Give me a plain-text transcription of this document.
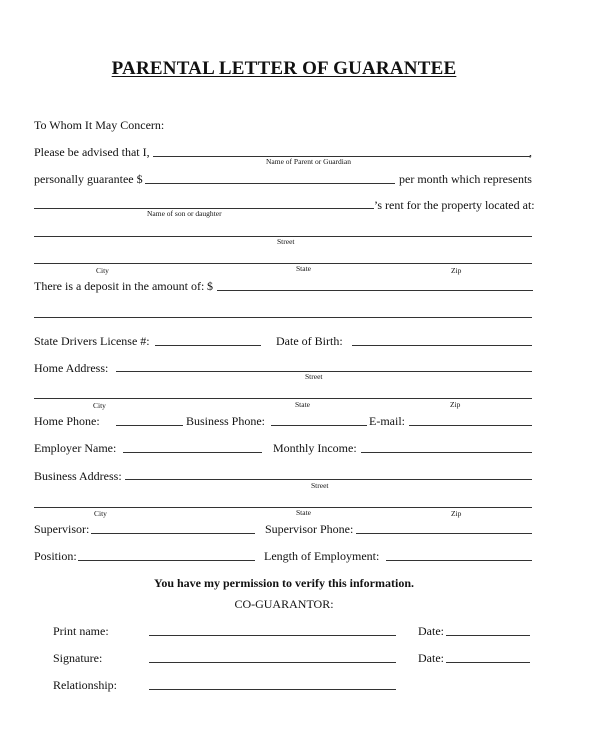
PARENTAL LETTER OF GUARANTEE
To Whom It May Concern:
Please be advised that I,	,
Name of Parent or Guardian
personally guarantee $	per month which represents
’s rent for the property located at:
Name of son or daughter
Street
City	State	Zip
There is a deposit in the amount of: $
State Drivers License #:	Date of Birth:
Home Address:
Street
City	State	Zip
Home Phone:	Business Phone:	E-mail:
Employer Name:	Monthly Income:
Business Address:
Street
City	State	Zip
Supervisor:	Supervisor Phone:
Position:	Length of Employment:
You have my permission to verify this information.
CO-GUARANTOR:
Print name:	Date:
Signature:	Date:
Relationship:
